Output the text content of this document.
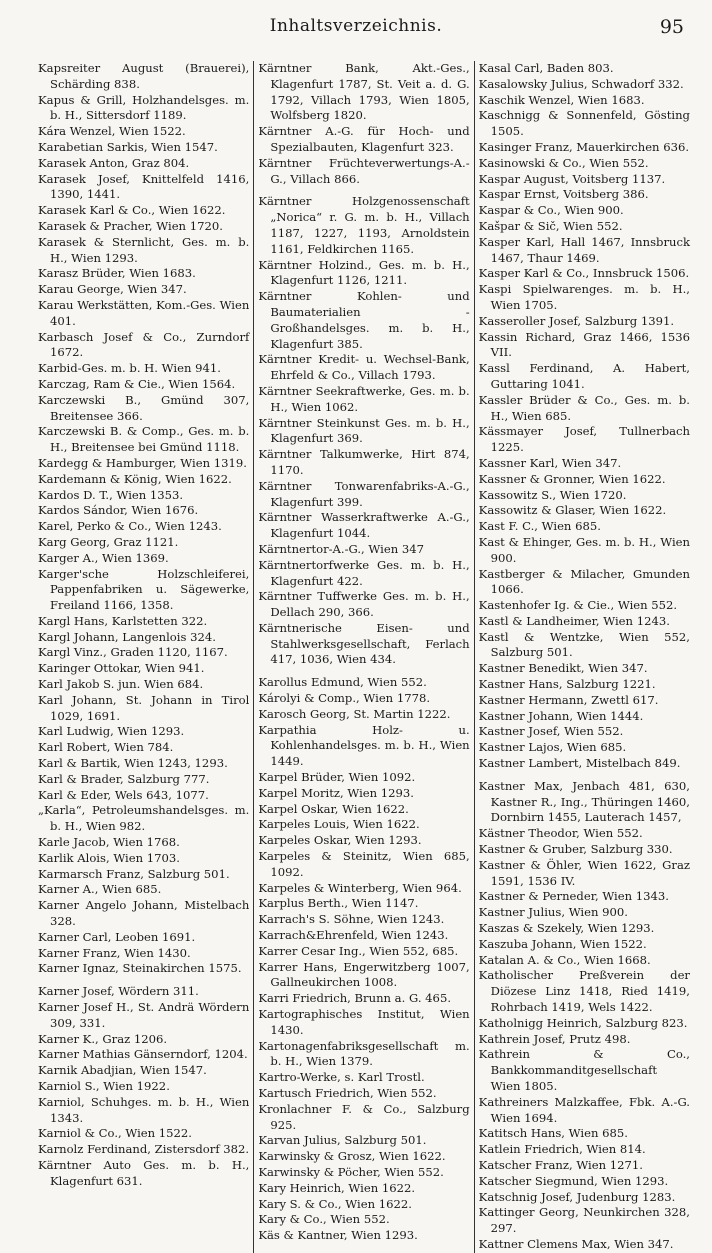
Inhaltsverzeichnis.	95
Kapsreiter August (Brauerei), Schärding 838.
Kapus & Grill, Holzhandelsges. m. b. H., Sittersdorf 1189.
Kára Wenzel, Wien 1522.
Karabetian Sarkis, Wien 1547.
Karasek Anton, Graz 804.
Karasek Josef, Knittelfeld 1416, 1390, 1441.
Karasek Karl & Co., Wien 1622.
Karasek & Pracher, Wien 1720.
Karasek & Sternlicht, Ges. m. b. H., Wien 1293.
Karasz Brüder, Wien 1683.
Karau George, Wien 347.
Karau Werkstätten, Kom.-Ges. Wien 401.
Karbasch Josef & Co., Zurndorf 1672.
Karbid-Ges. m. b. H. Wien 941.
Karczag, Ram & Cie., Wien 1564.
Karczewski B., Gmünd 307, Breitensee 366.
Karczewski B. & Comp., Ges. m. b. H., Breitensee bei Gmünd 1118.
Kardegg & Hamburger, Wien 1319.
Kardemann & König, Wien 1622.
Kardos D. T., Wien 1353.
Kardos Sándor, Wien 1676.
Karel, Perko & Co., Wien 1243.
Karg Georg, Graz 1121.
Karger A., Wien 1369.
Karger'sche Holzschleiferei, Pappenfabriken u. Sägewerke, Freiland 1166, 1358.
Kargl Hans, Karlstetten 322.
Kargl Johann, Langenlois 324.
Kargl Vinz., Graden 1120, 1167.
Karinger Ottokar, Wien 941.
Karl Jakob S. jun. Wien 684.
Karl Johann, St. Johann in Tirol 1029, 1691.
Karl Ludwig, Wien 1293.
Karl Robert, Wien 784.
Karl & Bartik, Wien 1243, 1293.
Karl & Brader, Salzburg 777.
Karl & Eder, Wels 643, 1077.
„Karla“, Petroleumshandelsges. m. b. H., Wien 982.
Karle Jacob, Wien 1768.
Karlik Alois, Wien 1703.
Karmarsch Franz, Salzburg 501.
Karner A., Wien 685.
Karner Angelo Johann, Mistelbach 328.
Karner Carl, Leoben 1691.
Karner Franz, Wien 1430.
Karner Ignaz, Steinakirchen 1575.
Karner Josef, Wördern 311.
Karner Josef H., St. Andrä Wördern 309, 331.
Karner K., Graz 1206.
Karner Mathias Gänserndorf, 1204.
Karnik Abadjian, Wien 1547.
Karniol S., Wien 1922.
Karniol, Schuhges. m. b. H., Wien 1343.
Karniol & Co., Wien 1522.
Karnolz Ferdinand, Zistersdorf 382.
Kärntner Auto Ges. m. b. H., Klagenfurt 631.
Kärntner Bank, Akt.-Ges., Klagenfurt 1787, St. Veit a. d. G. 1792, Villach 1793, Wien 1805, Wolfsberg 1820.
Kärntner A.-G. für Hoch- und Spezialbauten, Klagenfurt 323.
Kärntner Früchteverwertungs-A.-G., Villach 866.
Kärntner Holzgenossenschaft „Norica“ r. G. m. b. H., Villach 1187, 1227, 1193, Arnoldstein 1161, Feldkirchen 1165.
Kärntner Holzind., Ges. m. b. H., Klagenfurt 1126, 1211.
Kärntner Kohlen- und Baumaterialien - Großhandelsges. m. b. H., Klagenfurt 385.
Kärntner Kredit- u. Wechsel-Bank, Ehrfeld & Co., Villach 1793.
Kärntner Seekraftwerke, Ges. m. b. H., Wien 1062.
Kärntner Steinkunst Ges. m. b. H., Klagenfurt 369.
Kärntner Talkumwerke, Hirt 874, 1170.
Kärntner Tonwarenfabriks-A.-G., Klagenfurt 399.
Kärntner Wasserkraftwerke A.-G., Klagenfurt 1044.
Kärntnertor-A.-G., Wien 347
Kärntnertorfwerke Ges. m. b. H., Klagenfurt 422.
Kärntner Tuffwerke Ges. m. b. H., Dellach 290, 366.
Kärntnerische Eisen- und Stahlwerksgesellschaft, Ferlach 417, 1036, Wien 434.
Karollus Edmund, Wien 552.
Károlyi & Comp., Wien 1778.
Karosch Georg, St. Martin 1222.
Karpathia Holz- u. Kohlenhandelsges. m. b. H., Wien 1449.
Karpel Brüder, Wien 1092.
Karpel Moritz, Wien 1293.
Karpel Oskar, Wien 1622.
Karpeles Louis, Wien 1622.
Karpeles Oskar, Wien 1293.
Karpeles & Steinitz, Wien 685, 1092.
Karpeles & Winterberg, Wien 964.
Karplus Berth., Wien 1147.
Karrach's S. Söhne, Wien 1243.
Karrach&Ehrenfeld, Wien 1243.
Karrer Cesar Ing., Wien 552, 685.
Karrer Hans, Engerwitzberg 1007, Gallneukirchen 1008.
Karri Friedrich, Brunn a. G. 465.
Kartographisches Institut, Wien 1430.
Kartonagenfabriksgesellschaft m. b. H., Wien 1379.
Kartro-Werke, s. Karl Trostl.
Kartusch Friedrich, Wien 552.
Kronlachner F. & Co., Salzburg 925.
Karvan Julius, Salzburg 501.
Karwinsky & Grosz, Wien 1622.
Karwinsky & Pöcher, Wien 552.
Kary Heinrich, Wien 1622.
Kary S. & Co., Wien 1622.
Kary & Co., Wien 552.
Käs & Kantner, Wien 1293.
Kasal Carl, Baden 803.
Kasalowsky Julius, Schwadorf 332.
Kaschik Wenzel, Wien 1683.
Kaschnigg & Sonnenfeld, Gösting 1505.
Kasinger Franz, Mauerkirchen 636.
Kasinowski & Co., Wien 552.
Kaspar August, Voitsberg 1137.
Kaspar Ernst, Voitsberg 386.
Kaspar & Co., Wien 900.
Kašpar & Sič, Wien 552.
Kasper Karl, Hall 1467, Innsbruck 1467, Thaur 1469.
Kasper Karl & Co., Innsbruck 1506.
Kaspi Spielwarenges. m. b. H., Wien 1705.
Kasseroller Josef, Salzburg 1391.
Kassin Richard, Graz 1466, 1536 VII.
Kassl Ferdinand, A. Habert, Guttaring 1041.
Kassler Brüder & Co., Ges. m. b. H., Wien 685.
Kässmayer Josef, Tullnerbach 1225.
Kassner Karl, Wien 347.
Kassner & Gronner, Wien 1622.
Kassowitz S., Wien 1720.
Kassowitz & Glaser, Wien 1622.
Kast F. C., Wien 685.
Kast & Ehinger, Ges. m. b. H., Wien 900.
Kastberger & Milacher, Gmunden 1066.
Kastenhofer Ig. & Cie., Wien 552.
Kastl & Landheimer, Wien 1243.
Kastl & Wentzke, Wien 552, Salzburg 501.
Kastner Benedikt, Wien 347.
Kastner Hans, Salzburg 1221.
Kastner Hermann, Zwettl 617.
Kastner Johann, Wien 1444.
Kastner Josef, Wien 552.
Kastner Lajos, Wien 685.
Kastner Lambert, Mistelbach 849.
Kastner Max, Jenbach 481, 630, Kastner R., Ing., Thüringen 1460, Dornbirn 1455, Lauterach 1457,
Kästner Theodor, Wien 552.
Kastner & Gruber, Salzburg 330.
Kastner & Öhler, Wien 1622, Graz 1591, 1536 IV.
Kastner & Perneder, Wien 1343.
Kastner Julius, Wien 900.
Kaszas & Szekely, Wien 1293.
Kaszuba Johann, Wien 1522.
Katalan A. & Co., Wien 1668.
Katholischer Preßverein der Diözese Linz 1418, Ried 1419, Rohrbach 1419, Wels 1422.
Katholnigg Heinrich, Salzburg 823.
Kathrein Josef, Prutz 498.
Kathrein & Co., Bankkommanditgesellschaft Wien 1805.
Kathreiners Malzkaffee, Fbk. A.-G. Wien 1694.
Katitsch Hans, Wien 685.
Katlein Friedrich, Wien 814.
Katscher Franz, Wien 1271.
Katscher Siegmund, Wien 1293.
Katschnig Josef, Judenburg 1283.
Kattinger Georg, Neunkirchen 328, 297.
Kattner Clemens Max, Wien 347.
